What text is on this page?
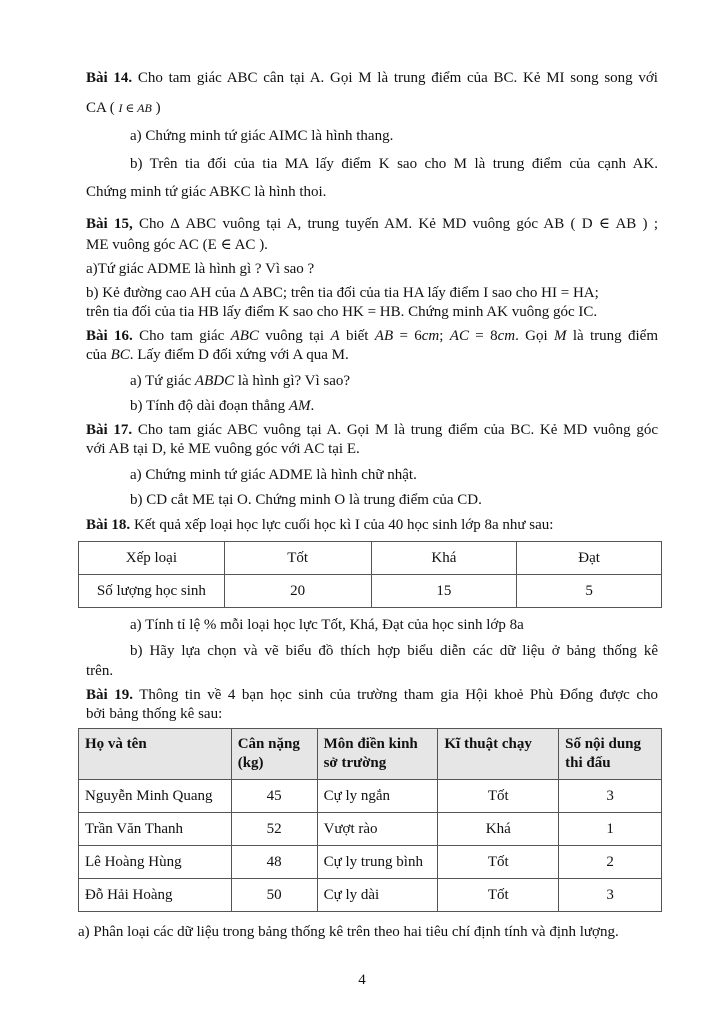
Bài 14. Cho tam giác ABC cân tại A. Gọi M là trung điểm của BC. Kẻ MI song song với
CA ( I ∈ AB )
a) Chứng minh tứ giác AIMC là hình thang.
b) Trên tia đối của tia MA lấy điểm K sao cho M là trung điểm của cạnh AK.
Chứng minh tứ giác ABKC là hình thoi.
Bài 15, Cho Δ ABC vuông tại A, trung tuyến AM. Kẻ MD vuông góc AB ( D ∈ AB ) ;
ME vuông góc AC (E ∈ AC ).
a)Tứ giác ADME là hình gì ? Vì sao ?
b) Kẻ đường cao AH của Δ ABC; trên tia đối của tia HA lấy điểm I sao cho HI = HA;
trên tia đối của tia HB lấy điểm K sao cho HK = HB. Chứng minh AK vuông góc IC.
Bài 16. Cho tam giác ABC vuông tại A biết AB = 6cm; AC = 8cm. Gọi M là trung điểm
của BC. Lấy điểm D đối xứng với A qua M.
a) Tứ giác ABDC là hình gì? Vì sao?
b) Tính độ dài đoạn thẳng AM.
Bài 17. Cho tam giác ABC vuông tại A. Gọi M là trung điểm của BC. Kẻ MD vuông góc
với AB tại D, kẻ ME vuông góc với AC tại E.
a) Chứng minh tứ giác ADME là hình chữ nhật.
b) CD cắt ME tại O. Chứng minh O là trung điểm của CD.
Bài 18. Kết quả xếp loại học lực cuối học kì I của 40 học sinh lớp 8a như sau:
Xếp loại	Tốt	Khá	Đạt
Số lượng học sinh	20	15	5
a) Tính tỉ lệ % mỗi loại học lực Tốt, Khá, Đạt của học sinh lớp 8a
b) Hãy lựa chọn và vẽ biểu đồ thích hợp biểu diễn các dữ liệu ở bảng thống kê
trên.
Bài 19. Thông tin về 4 bạn học sinh của trường tham gia Hội khoẻ Phù Đổng được cho
bởi bảng thống kê sau:
Họ và tên	Cân nặng (kg)	Môn điền kinh sở trường	Kĩ thuật chạy	Số nội dung thi đấu
Nguyễn Minh Quang	45	Cự ly ngắn	Tốt	3
Trần Văn Thanh	52	Vượt rào	Khá	1
Lê Hoàng Hùng	48	Cự ly trung bình	Tốt	2
Đỗ Hải Hoàng	50	Cự ly dài	Tốt	3
a) Phân loại các dữ liệu trong bảng thống kê trên theo hai tiêu chí định tính và định lượng.
4
